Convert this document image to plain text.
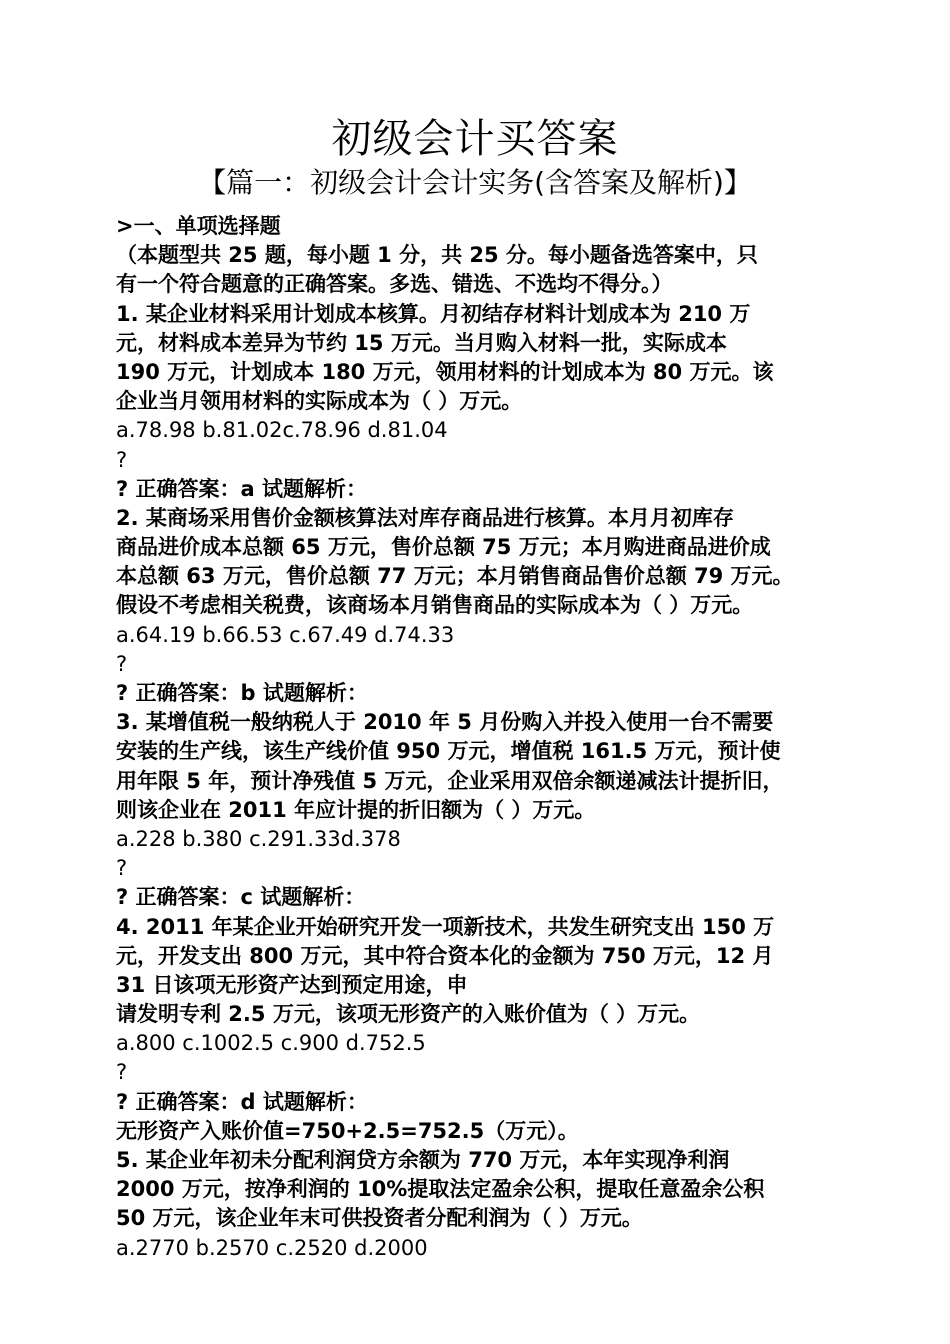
初级会计买答案
【篇一：初级会计会计实务(含答案及解析)】
>一、单项选择题
（本题型共 25 题，每小题 1 分，共 25 分。每小题备选答案中，只
有一个符合题意的正确答案。多选、错选、不选均不得分。）
1. 某企业材料采用计划成本核算。月初结存材料计划成本为 210 万
元，材料成本差异为节约 15 万元。当月购入材料一批，实际成本
190 万元，计划成本 180 万元，领用材料的计划成本为 80 万元。该
企业当月领用材料的实际成本为（ ）万元。
a.78.98 b.81.02c.78.96 d.81.04
?
? 正确答案：a 试题解析：
2. 某商场采用售价金额核算法对库存商品进行核算。本月月初库存
商品进价成本总额 65 万元，售价总额 75 万元；本月购进商品进价成
本总额 63 万元，售价总额 77 万元；本月销售商品售价总额 79 万元。
假设不考虑相关税费，该商场本月销售商品的实际成本为（ ）万元。
a.64.19 b.66.53 c.67.49 d.74.33
?
? 正确答案：b 试题解析：
3. 某增值税一般纳税人于 2010 年 5 月份购入并投入使用一台不需要
安装的生产线，该生产线价值 950 万元，增值税 161.5 万元，预计使
用年限 5 年，预计净残值 5 万元，企业采用双倍余额递减法计提折旧，
则该企业在 2011 年应计提的折旧额为（ ）万元。
a.228 b.380 c.291.33d.378
?
? 正确答案：c 试题解析：
4. 2011 年某企业开始研究开发一项新技术，共发生研究支出 150 万
元，开发支出 800 万元，其中符合资本化的金额为 750 万元，12 月
31 日该项无形资产达到预定用途，申
请发明专利 2.5 万元，该项无形资产的入账价值为（ ）万元。
a.800 c.1002.5 c.900 d.752.5
?
? 正确答案：d 试题解析：
无形资产入账价值=750+2.5=752.5（万元）。
5. 某企业年初未分配利润贷方余额为 770 万元，本年实现净利润
2000 万元，按净利润的 10%提取法定盈余公积，提取任意盈余公积
50 万元，该企业年末可供投资者分配利润为（ ）万元。
a.2770 b.2570 c.2520 d.2000
